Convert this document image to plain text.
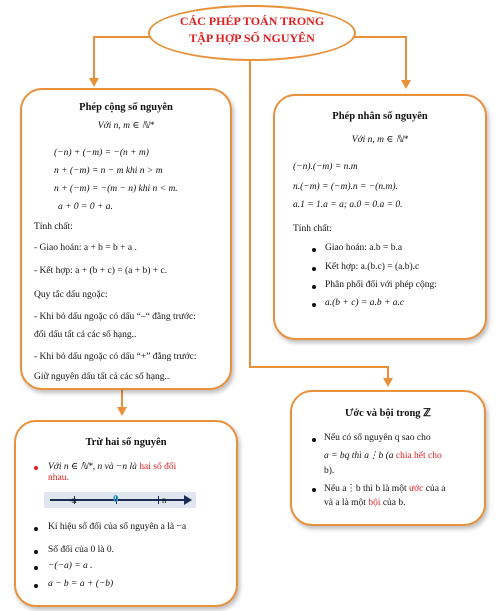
CÁC PHÉP TOÁN TRONG
TẬP HỢP SỐ NGUYÊN
Phép cộng số nguyên
Với n, m ∈ ℕ*
(−n) + (−m) = −(n + m)
n + (−m) = n − m khi n > m
n + (−m) = −(m − n) khi n < m.
a + 0 = 0 + a.
Tính chất:
- Giao hoán: a + b = b + a .
- Kết hợp: a + (b + c) = (a + b) + c.
Quy tắc dấu ngoặc:
- Khi bỏ dấu ngoặc có dấu “–“ đằng trước:
đổi dấu tất cả các số hạng..
- Khi bỏ dấu ngoặc có dấu “+” đằng trước:
Giữ nguyên dấu tất cả các số hạng..
Phép nhân số nguyên
Với n, m ∈ ℕ*
(−n).(−m) = n.m
n.(−m) = (−m).n = −(n.m).
a.1 = 1.a = a; a.0 = 0.a = 0.
Tính chất:
Giao hoán: a.b = b.a
Kết hợp: a.(b.c) = (a.b).c
Phân phối đối với phép cộng:
a.(b + c) = a.b + a.c
Trừ hai số nguyên
Với n ∈ ℕ*, n và −n là hai số đối
nhau.
-n	0	n
Kí hiệu số đối của số nguyên a là −a
Số đối của 0 là 0.
−(−a) = a .
a − b = a + (−b)
Ước và bội trong ℤ
Nếu có số nguyên q sao cho
a = bq thì a⋮b (a chia hết cho
b).
Nếu a⋮b thì b là một ước của a
và a là một bội của b.
